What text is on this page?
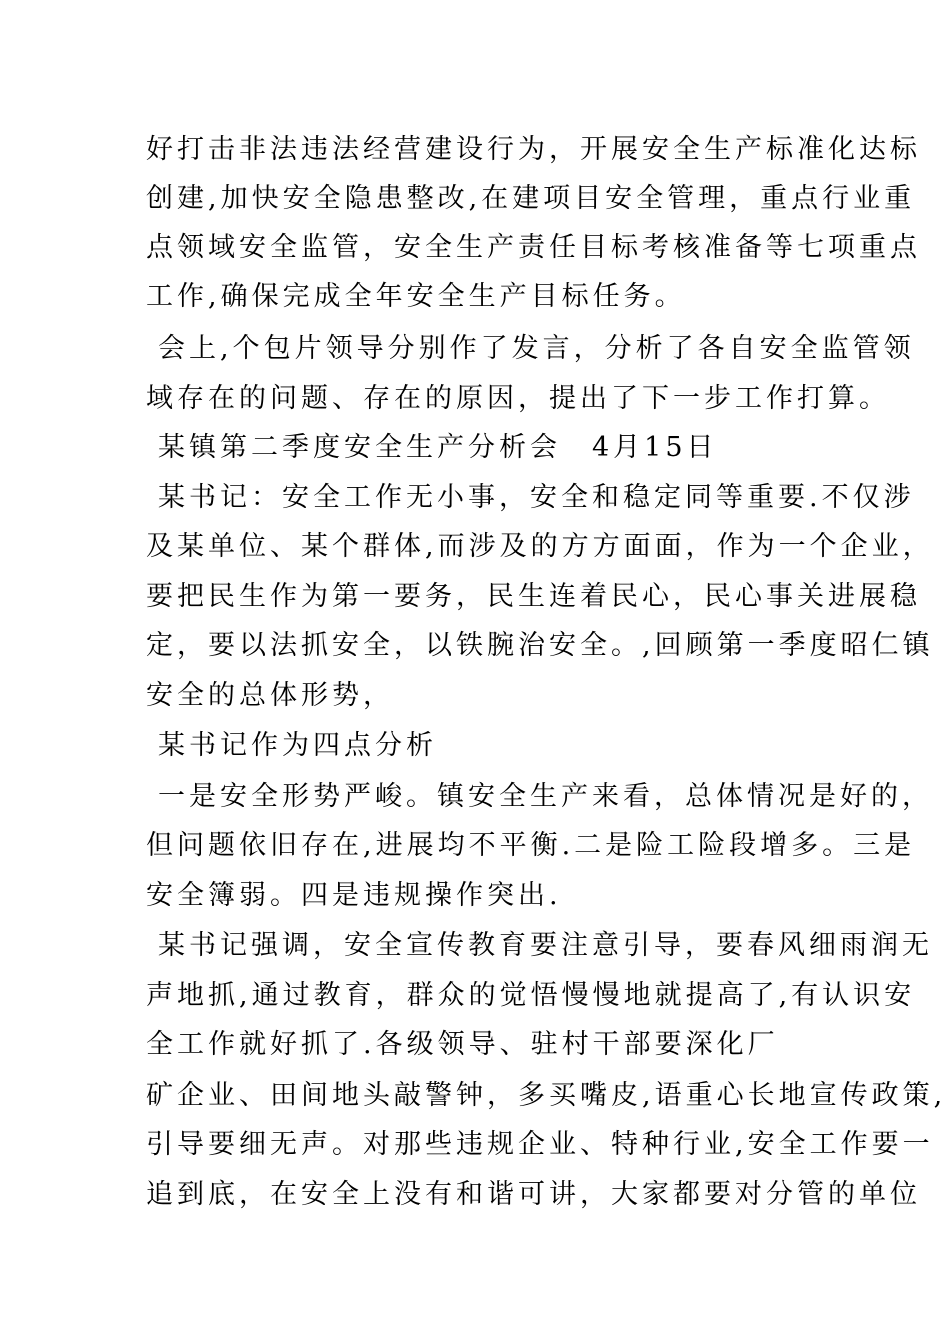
好打击非法违法经营建设行为，开展安全生产标准化达标
创建,加快安全隐患整改,在建项目安全管理，重点行业重
点领域安全监管，安全生产责任目标考核准备等七项重点
工作,确保完成全年安全生产目标任务。
会上,个包片领导分别作了发言，分析了各自安全监管领
域存在的问题、存在的原因，提出了下一步工作打算。
某镇第二季度安全生产分析会　4月15日
某书记：安全工作无小事，安全和稳定同等重要.不仅涉
及某单位、某个群体,而涉及的方方面面，作为一个企业，
要把民生作为第一要务，民生连着民心，民心事关进展稳
定，要以法抓安全，以铁腕治安全。,回顾第一季度昭仁镇
安全的总体形势，
某书记作为四点分析
一是安全形势严峻。镇安全生产来看，总体情况是好的，
但问题依旧存在,进展均不平衡.二是险工险段增多。三是
安全簿弱。四是违规操作突出.
某书记强调，安全宣传教育要注意引导，要春风细雨润无
声地抓,通过教育，群众的觉悟慢慢地就提高了,有认识安
全工作就好抓了.各级领导、驻村干部要深化厂
矿企业、田间地头敲警钟，多买嘴皮,语重心长地宣传政策,
引导要细无声。对那些违规企业、特种行业,安全工作要一
追到底，在安全上没有和谐可讲，大家都要对分管的单位
